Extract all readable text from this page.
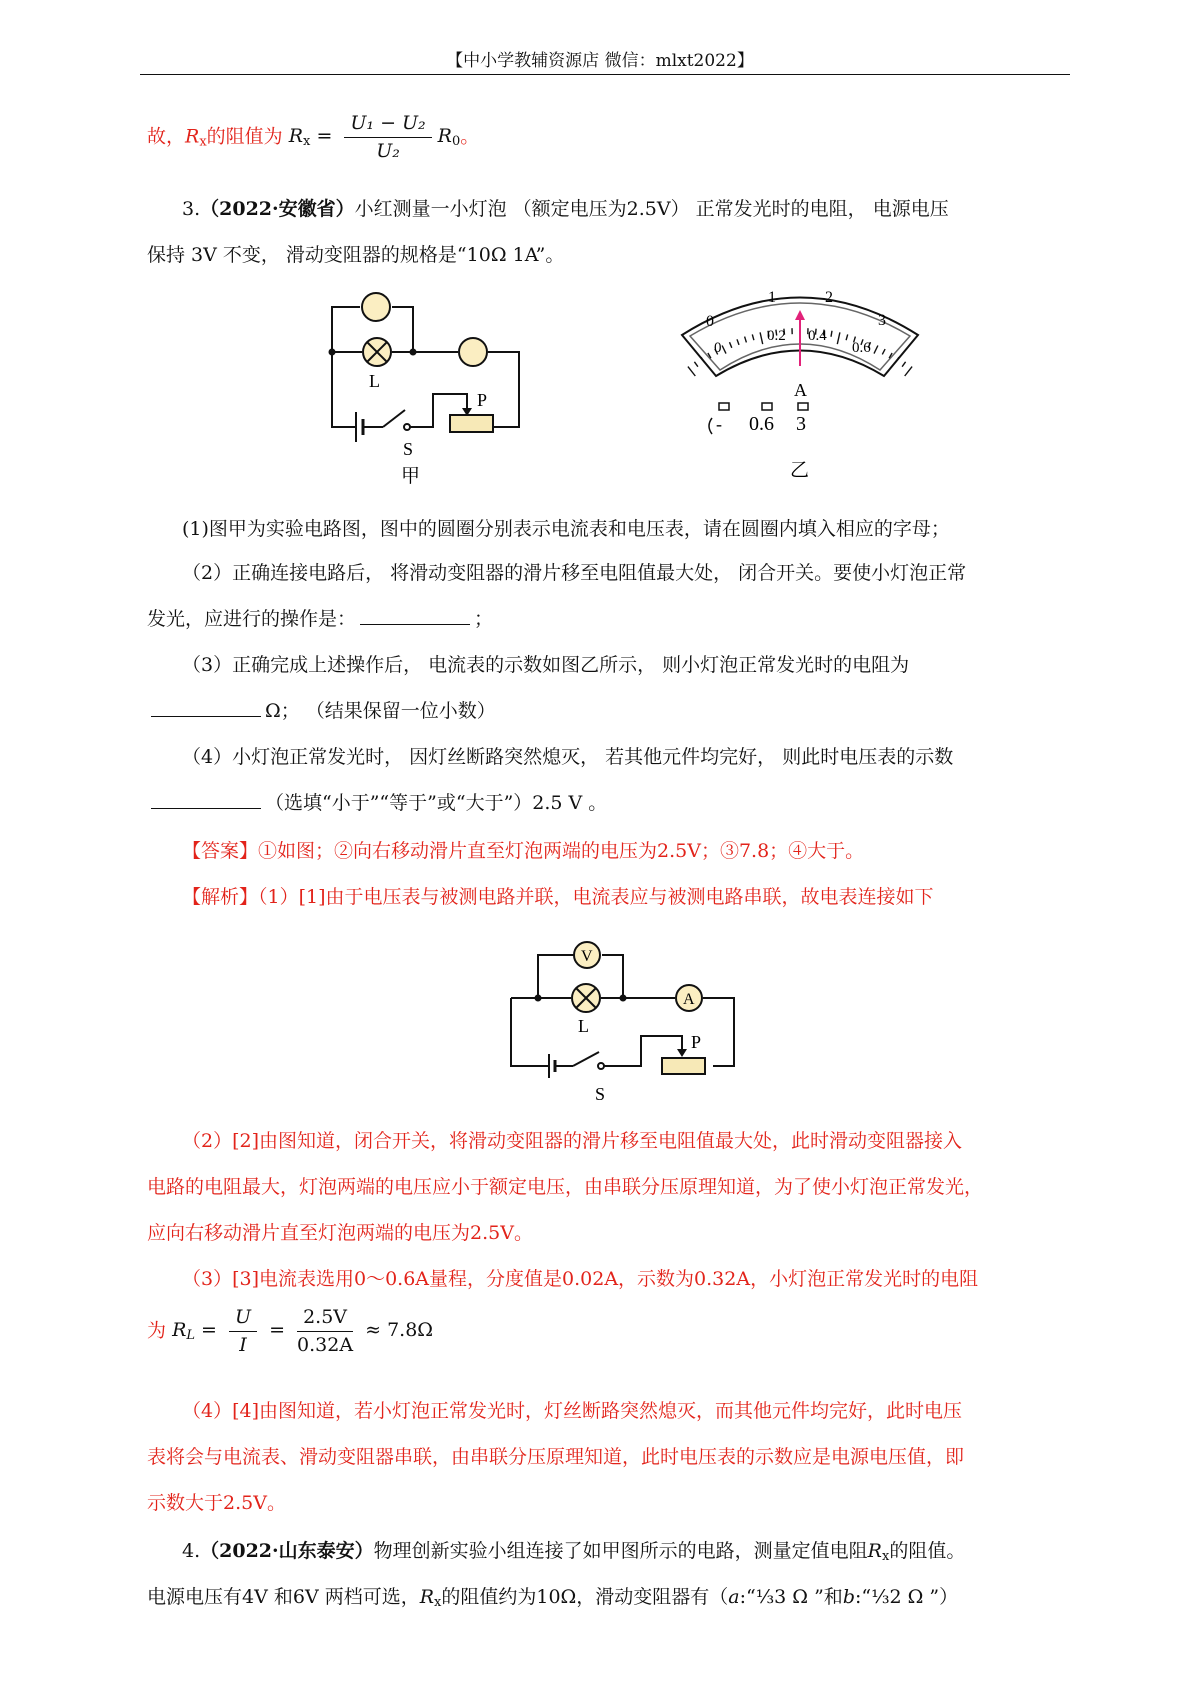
【中小学教辅资源店 微信：mlxt2022】
故，$R_x$的阻值为 $R_x = \frac{\text{U₁ − U₂}}{\text{U₂}} R_0$。
3.（2022·安徽省）小红测量一小灯泡 （额定电压为2.5V） 正常发光时的电阻， 电源电压
保持 3V 不变， 滑动变阻器的规格是“10Ω 1A”。
L
S
P
甲
0
1	2
3
0
0.2 0.4
0.6
A
- 0.6 3
乙
(1)图甲为实验电路图，图中的圆圈分别表示电流表和电压表，请在圆圈内填入相应的字母；
（2）正确连接电路后， 将滑动变阻器的滑片移至电阻值最大处， 闭合开关。要使小灯泡正常
发光，应进行的操作是：	；
（3）正确完成上述操作后， 电流表的示数如图乙所示， 则小灯泡正常发光时的电阻为
Ω； （结果保留一位小数）
（4）小灯泡正常发光时， 因灯丝断路突然熄灭， 若其他元件均完好， 则此时电压表的示数
（选填“小于”“等于”或“大于”）2.5 V 。
【答案】①如图；②向右移动滑片直至灯泡两端的电压为2.5V；③7.8；④大于。
【解析】（1）[1]由于电压表与被测电路并联，电流表应与被测电路串联，故电表连接如下
V
A
L
S
P
（2）[2]由图知道，闭合开关，将滑动变阻器的滑片移至电阻值最大处，此时滑动变阻器接入
电路的电阻最大，灯泡两端的电压应小于额定电压，由串联分压原理知道，为了使小灯泡正常发光，
应向右移动滑片直至灯泡两端的电压为2.5V。
（3）[3]电流表选用0～0.6A量程，分度值是0.02A，示数为0.32A，小灯泡正常发光时的电阻
为 $R_L = \frac{U}{I} = \frac{2.5V}{0.32A} \approx 7.8\Omega$
（4）[4]由图知道，若小灯泡正常发光时，灯丝断路突然熄灭，而其他元件均完好，此时电压
表将会与电流表、滑动变阻器串联，由串联分压原理知道，此时电压表的示数应是电源电压值，即
示数大于2.5V。
4.（2022·山东泰安）物理创新实验小组连接了如甲图所示的电路，测量定值电阻$R_x$的阻值。
电源电压有4V 和6V 两档可选，$R_x$的阻值约为10Ω，滑动变阻器有（a:“⅓3 Ω ”和b:“⅓2 Ω ”）
